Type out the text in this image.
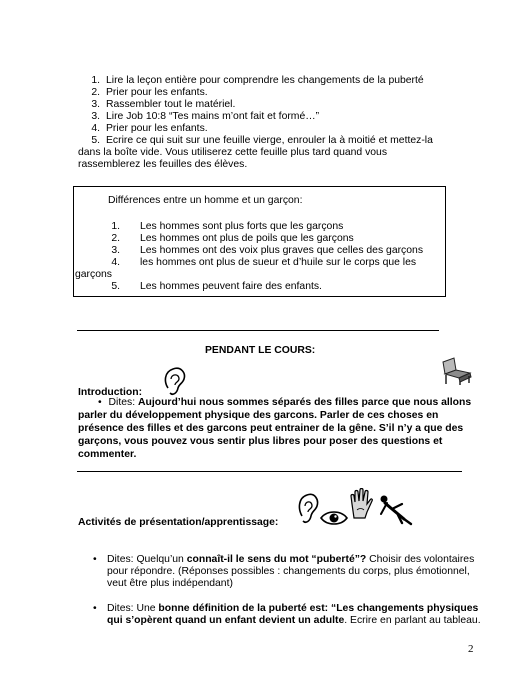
1. Lire la leçon entière pour comprendre les changements de la puberté
2. Prier pour les enfants.
3. Rassembler tout le matériel.
3. Lire Job 10:8 “Tes mains m’ont fait et formé…”
4. Prier pour les enfants.
5. Ecrire ce qui suit sur une feuille vierge, enrouler la à moitié et mettez-la
dans la boîte vide. Vous utiliserez cette feuille plus tard quand vous
rassemblerez les feuilles des élèves.
Différences entre un homme et un garçon:
1. Les hommes sont plus forts que les garçons
2. Les hommes ont plus de poils que les garçons
3. Les hommes ont des voix plus graves que celles des garçons
4. les hommes ont plus de sueur et d’huile sur le corps que les
garçons
5. Les hommes peuvent faire des enfants.
PENDANT LE COURS:
Introduction:
• Dites: Aujourd’hui nous sommes séparés des filles parce que nous allons
parler du développement physique des garcons. Parler de ces choses en
présence des filles et des garcons peut entrainer de la gêne. S’il n’y a que des
garçons, vous pouvez vous sentir plus libres pour poser des questions et
commenter.
Activités de présentation/apprentissage:
• Dites: Quelqu’un connaît-il le sens du mot “puberté”? Choisir des volontaires
pour répondre. (Réponses possibles : changements du corps, plus émotionnel,
veut être plus indépendant)
• Dites: Une bonne définition de la puberté est: “Les changements physiques
qui s’opèrent quand un enfant devient un adulte. Ecrire en parlant au tableau.
2
